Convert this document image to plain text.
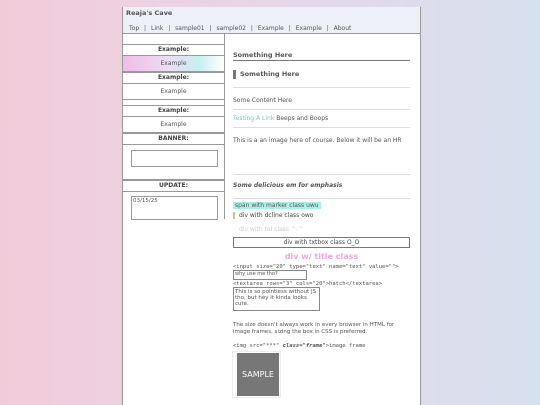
Reaja's Cave
Top | Link | sample01 | sample02 | Example | Example | About
Example:
Example
Example:
Example
Example:
Example
BANNER:
UPDATE:
03/15/25
Something Here
Something Here
Some Content Here
Testing A Link Beeps and Boops
This is a an image here of course. Below it will be an HR
Some delicious em for emphasis
span with marker class uwu
div with dcline class owo
div with tol class ^-^
div with txtbox class O_O
div w/ title class
<input size="20" type="text" name="text" value="">
why use me tho?
<textarea rows="3" cols="20">hatch</textarea>
This is so pointless without JS tho, but hey it kinda looks cute.
The size doesn't always work in every browser in HTML for image frames, sizing the box in CSS is preferred.
<img src="***" class="frame">image frame
SAMPLE
